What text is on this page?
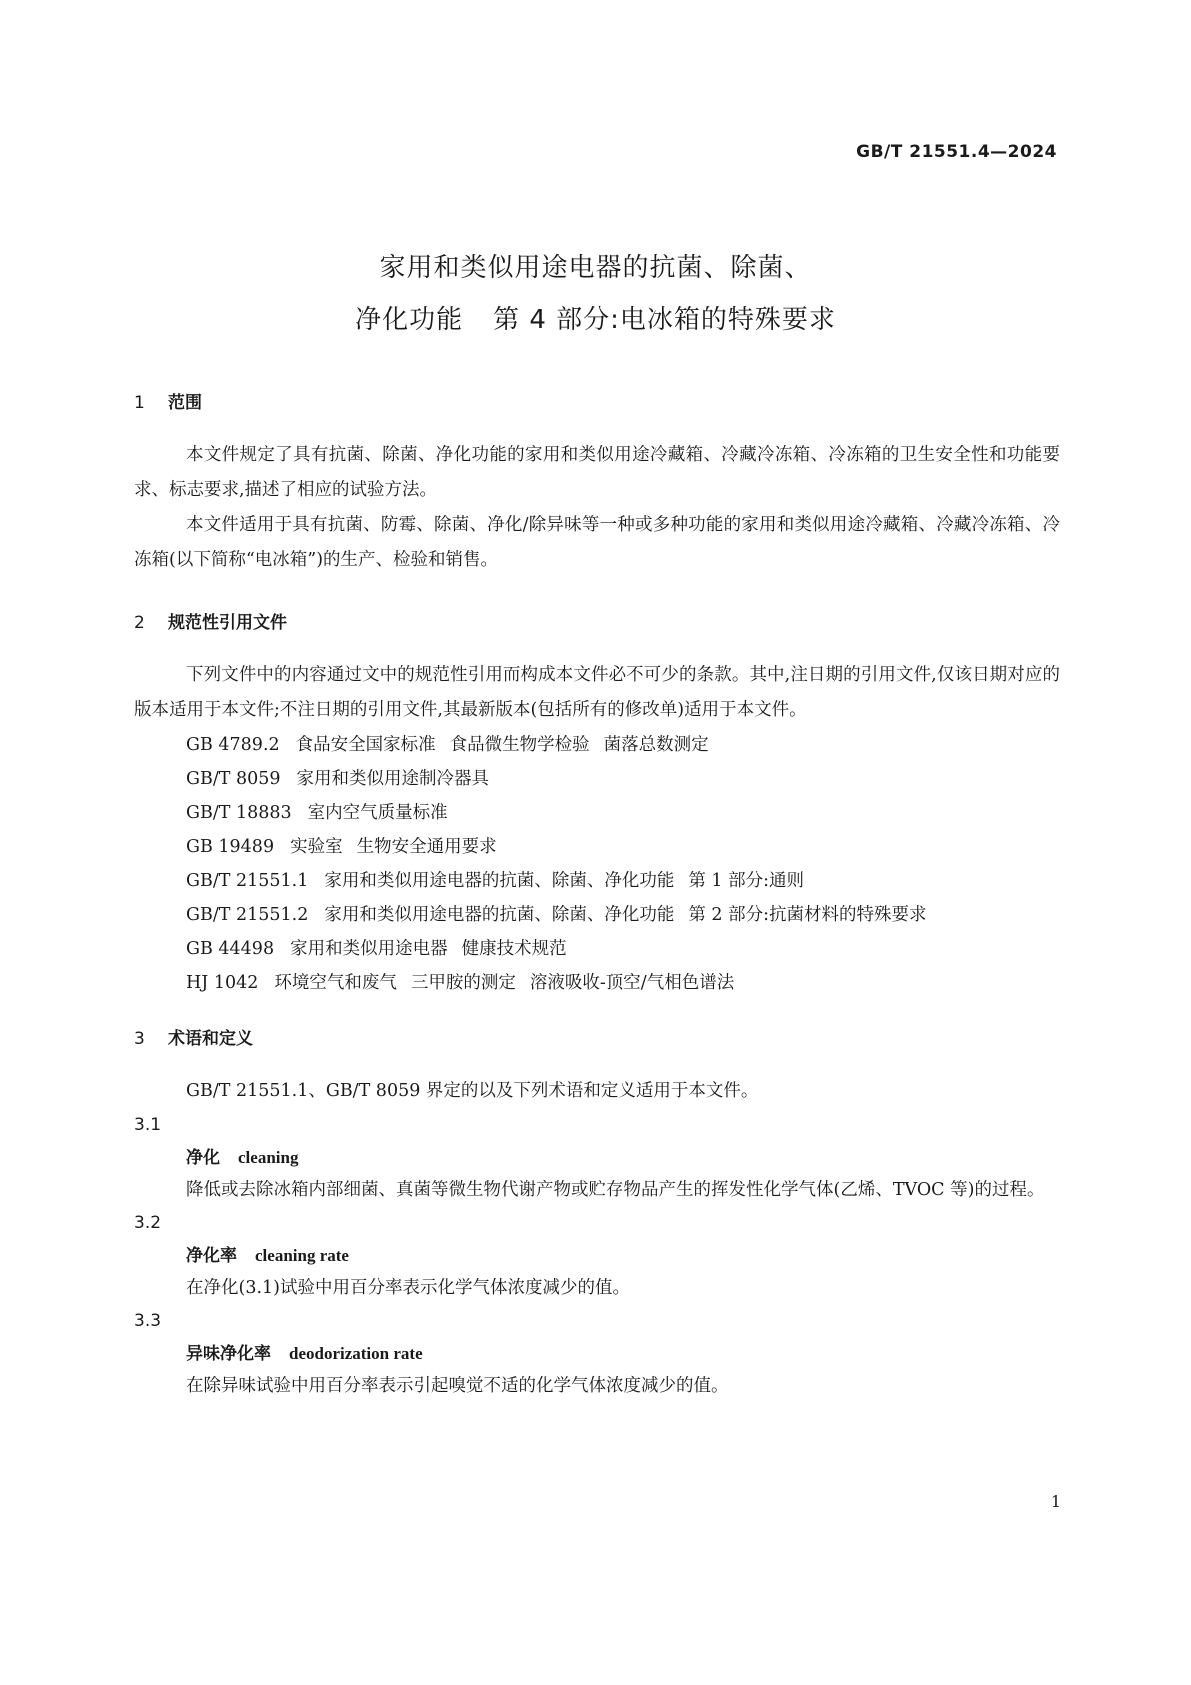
GB/T 21551.4—2024
家用和类似用途电器的抗菌、除菌、
净化功能 第 4 部分:电冰箱的特殊要求
1 范围

本文件规定了具有抗菌、除菌、净化功能的家用和类似用途冷藏箱、冷藏冷冻箱、冷冻箱的卫生安全性和功能要求、标志要求,描述了相应的试验方法。

本文件适用于具有抗菌、防霉、除菌、净化/除异味等一种或多种功能的家用和类似用途冷藏箱、冷藏冷冻箱、冷冻箱(以下简称“电冰箱”)的生产、检验和销售。

2 规范性引用文件

下列文件中的内容通过文中的规范性引用而构成本文件必不可少的条款。其中,注日期的引用文件,仅该日期对应的版本适用于本文件;不注日期的引用文件,其最新版本(包括所有的修改单)适用于本文件。

GB 4789.2 食品安全国家标准 食品微生物学检验 菌落总数测定

GB/T 8059 家用和类似用途制冷器具

GB/T 18883 室内空气质量标准

GB 19489 实验室 生物安全通用要求

GB/T 21551.1 家用和类似用途电器的抗菌、除菌、净化功能 第 1 部分:通则

GB/T 21551.2 家用和类似用途电器的抗菌、除菌、净化功能 第 2 部分:抗菌材料的特殊要求

GB 44498 家用和类似用途电器 健康技术规范

HJ 1042 环境空气和废气 三甲胺的测定 溶液吸收-顶空/气相色谱法

3 术语和定义

GB/T 21551.1、GB/T 8059 界定的以及下列术语和定义适用于本文件。

3.1

净化 cleaning

降低或去除冰箱内部细菌、真菌等微生物代谢产物或贮存物品产生的挥发性化学气体(乙烯、TVOC 等)的过程。

3.2

净化率 cleaning rate

在净化(3.1)试验中用百分率表示化学气体浓度减少的值。

3.3

异味净化率 deodorization rate

在除异味试验中用百分率表示引起嗅觉不适的化学气体浓度减少的值。

1
